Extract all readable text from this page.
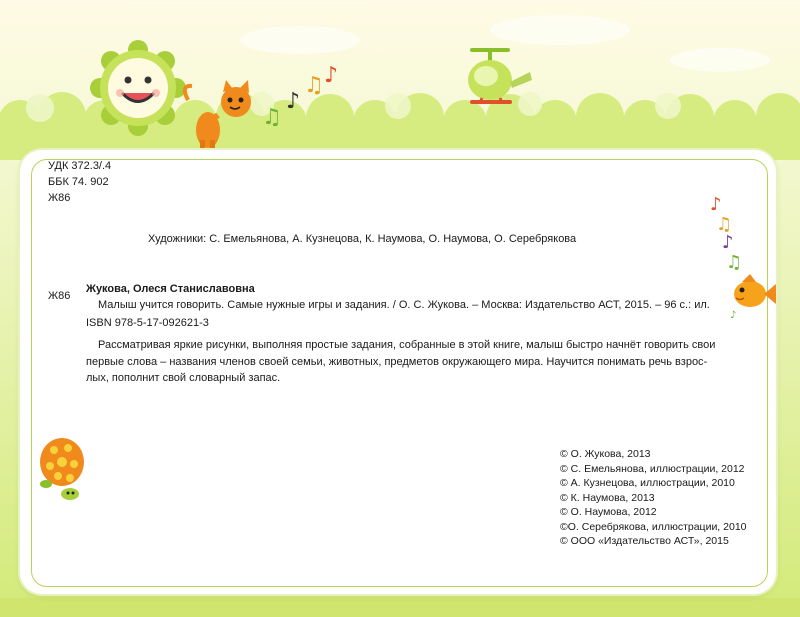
♫
♪
♫ ♪
♪
♫
♪
♫
♪
УДК 372.3/.4
ББК 74. 902
Ж86
Художники: С. Емельянова, А. Кузнецова, К. Наумова, О. Наумова, О. Серебрякова
Ж86
Жукова, Олеся Станиславовна
Малыш учится говорить. Самые нужные игры и задания. / О. С. Жукова. – Москва: Издательство АСТ, 2015. – 96 с.: ил.
ISBN 978-5-17-092621-3
Рассматривая яркие рисунки, выполняя простые задания, собранные в этой книге, малыш быстро начнёт говорить свои первые слова – названия членов своей семьи, животных, предметов окружающего мира. Научится понимать речь взрослых, пополнит свой словарный запас.
© О. Жукова, 2013
© С. Емельянова, иллюстрации, 2012
© А. Кузнецова, иллюстрации, 2010
© К. Наумова, 2013
© О. Наумова, 2012
©О. Серебрякова, иллюстрации, 2010
© ООО «Издательство АСТ», 2015
